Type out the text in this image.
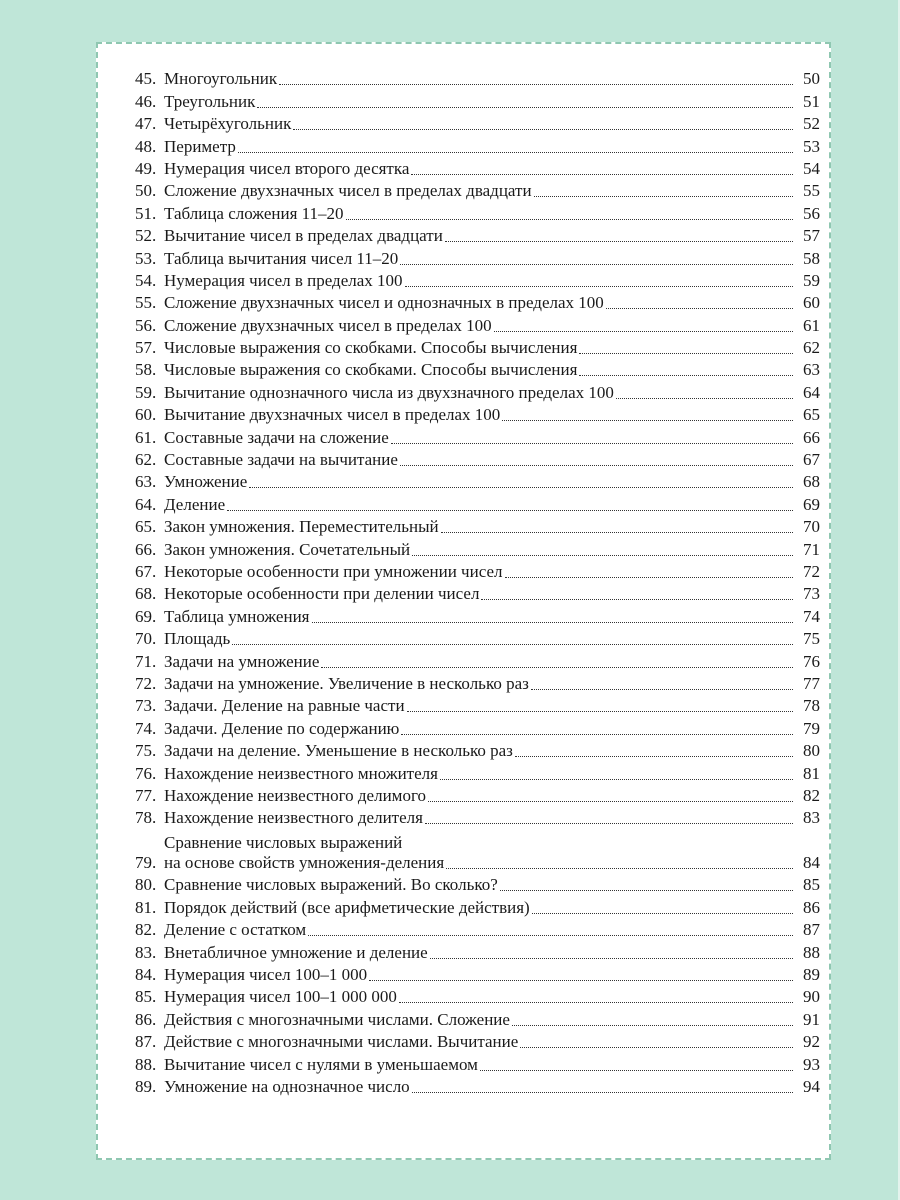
45. Многоугольник	50
46. Треугольник	51
47. Четырёхугольник	52
48. Периметр	53
49. Нумерация чисел второго десятка	54
50. Сложение двухзначных чисел в пределах двадцати	55
51. Таблица сложения 11–20	56
52. Вычитание чисел в пределах двадцати	57
53. Таблица вычитания чисел 11–20	58
54. Нумерация чисел в пределах 100	59
55. Сложение двухзначных чисел и однозначных в пределах 100	60
56. Сложение двухзначных чисел в пределах 100	61
57. Числовые выражения со скобками. Способы вычисления	62
58. Числовые выражения со скобками. Способы вычисления	63
59. Вычитание однозначного числа из двухзначного пределах 100	64
60. Вычитание двухзначных чисел в пределах 100	65
61. Составные задачи на сложение	66
62. Составные задачи на вычитание	67
63. Умножение	68
64. Деление	69
65. Закон умножения. Переместительный	70
66. Закон умножения. Сочетательный	71
67. Некоторые особенности при умножении чисел	72
68. Некоторые особенности при делении чисел	73
69. Таблица умножения	74
70. Площадь	75
71. Задачи на умножение	76
72. Задачи на умножение. Увеличение в несколько раз	77
73. Задачи. Деление на равные части	78
74. Задачи. Деление по содержанию	79
75. Задачи на деление. Уменьшение в несколько раз	80
76. Нахождение неизвестного множителя	81
77. Нахождение неизвестного делимого	82
78. Нахождение неизвестного делителя	83
79.
Сравнение числовых выражений
на основе свойств умножения-деления	84
80. Сравнение числовых выражений. Во сколько?	85
81. Порядок действий (все арифметические действия)	86
82. Деление с остатком	87
83. Внетабличное умножение и деление	88
84. Нумерация чисел 100–1 000	89
85. Нумерация чисел 100–1 000 000	90
86. Действия с многозначными числами. Сложение	91
87. Действие с многозначными числами. Вычитание	92
88. Вычитание чисел с нулями в уменьшаемом	93
89. Умножение на однозначное число	94
